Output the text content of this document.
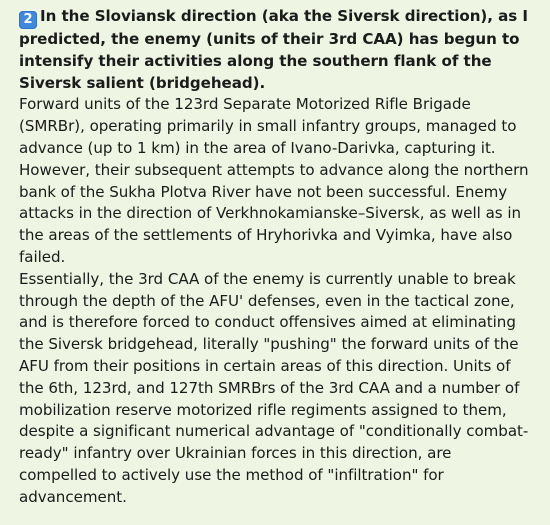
2 In the Sloviansk direction (aka the Siversk direction), as I predicted, the enemy (units of their 3rd CAA) has begun to intensify their activities along the southern flank of the Siversk salient (bridgehead).

Forward units of the 123rd Separate Motorized Rifle Brigade (SMRBr), operating primarily in small infantry groups, managed to advance (up to 1 km) in the area of Ivano-Darivka, capturing it. However, their subsequent attempts to advance along the northern bank of the Sukha Plotva River have not been successful. Enemy attacks in the direction of Verkhnokamianske–Siversk, as well as in the areas of the settlements of Hryhorivka and Vyimka, have also failed.

Essentially, the 3rd CAA of the enemy is currently unable to break through the depth of the AFU' defenses, even in the tactical zone, and is therefore forced to conduct offensives aimed at eliminating the Siversk bridgehead, literally "pushing" the forward units of the AFU from their positions in certain areas of this direction. Units of the 6th, 123rd, and 127th SMRBrs of the 3rd CAA and a number of mobilization reserve motorized rifle regiments assigned to them, despite a significant numerical advantage of "conditionally combat-ready" infantry over Ukrainian forces in this direction, are compelled to actively use the method of "infiltration" for advancement.
